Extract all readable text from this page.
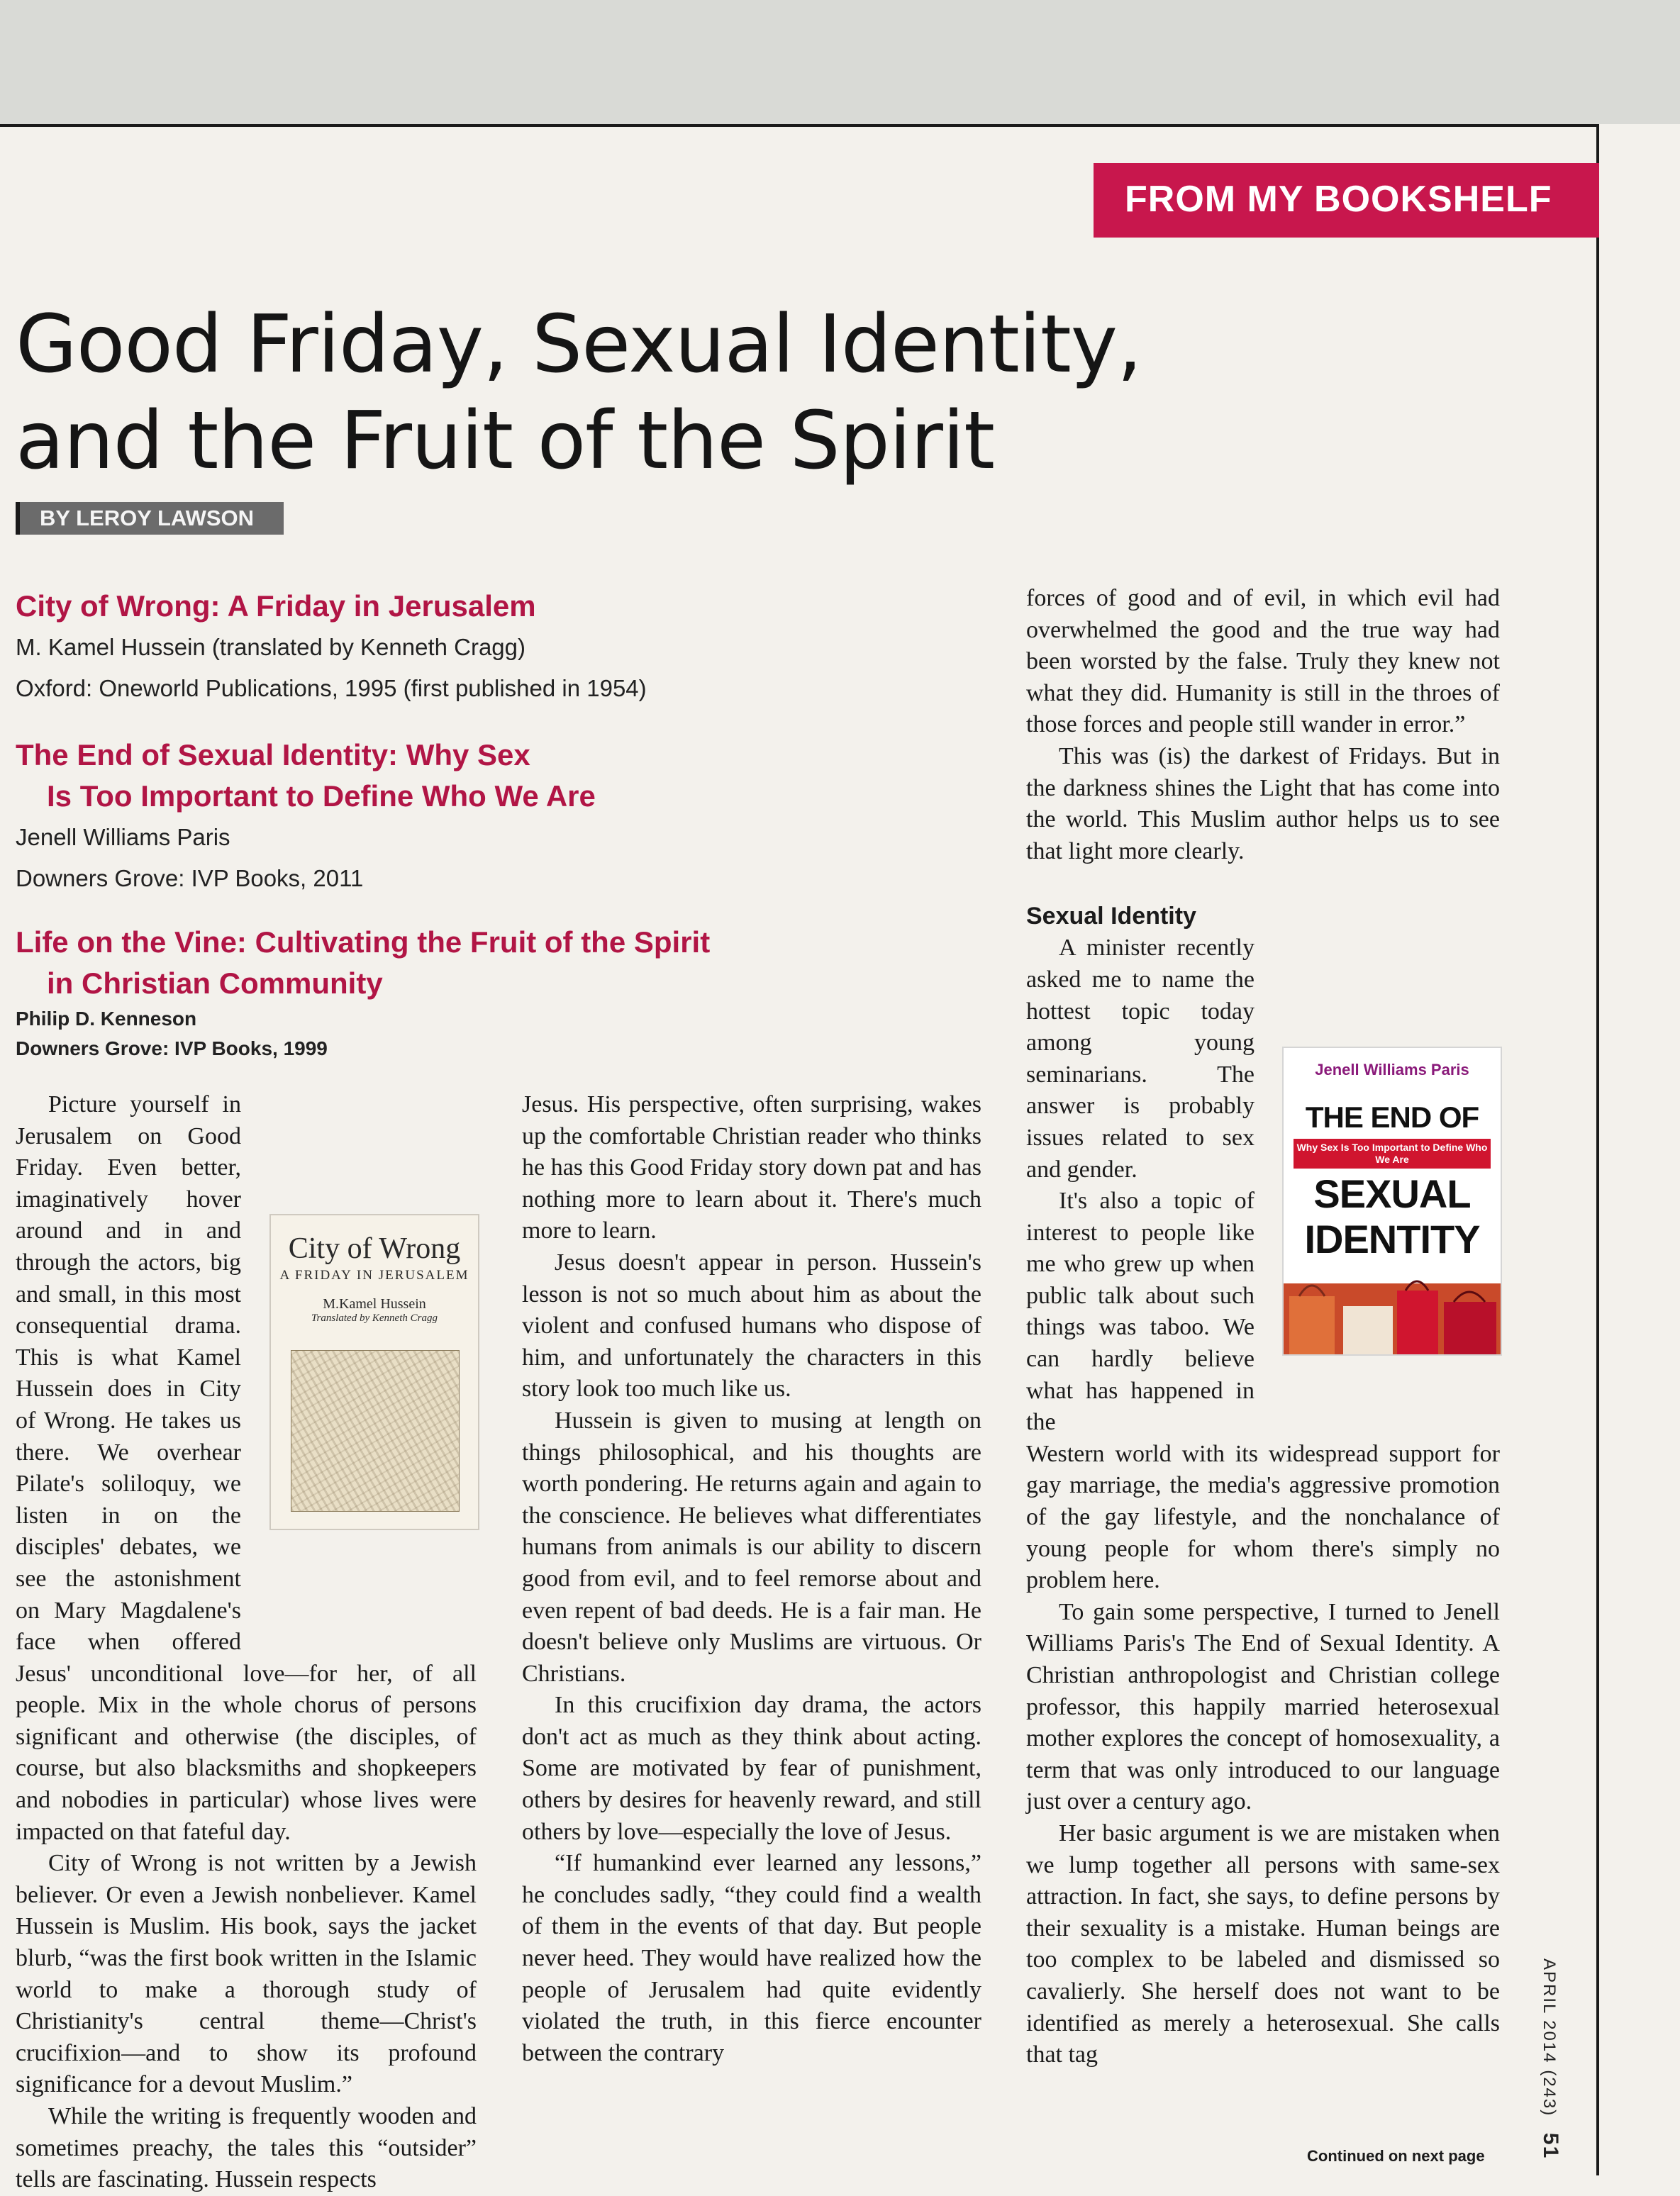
FROM MY BOOKSHELF
Good Friday, Sexual Identity,
and the Fruit of the Spirit
BY LEROY LAWSON
City of Wrong: A Friday in Jerusalem
M. Kamel Hussein (translated by Kenneth Cragg)
Oxford: Oneworld Publications, 1995 (first published in 1954)
The End of Sexual Identity: Why Sex
Is Too Important to Define Who We Are
Jenell Williams Paris
Downers Grove: IVP Books, 2011
Life on the Vine: Cultivating the Fruit of the Spirit
in Christian Community
Philip D. Kenneson
Downers Grove: IVP Books, 1999

Picture yourself in Jerusalem on Good Friday. Even better, imaginatively hover around and in and through the actors, big and small, in this most consequential drama. This is what Kamel Hussein does in City of Wrong. He takes us there. We overhear Pilate's soliloquy, we listen in on the disciples' debates, we see the astonishment on Mary Magdalene's face when offered Jesus' unconditional love—for her, of all people. Mix in the whole chorus of persons significant and otherwise (the disciples, of course, but also blacksmiths and shopkeepers and nobodies in particular) whose lives were impacted on that fateful day.

City of Wrong is not written by a Jewish believer. Or even a Jewish nonbeliever. Kamel Hussein is Muslim. His book, says the jacket blurb, “was the first book written in the Islamic world to make a thorough study of Christianity's central theme—Christ's crucifixion—and to show its profound significance for a devout Muslim.”

While the writing is frequently wooden and sometimes preachy, the tales this “outsider” tells are fascinating. Hussein respects

City of Wrong
A FRIDAY IN JERUSALEM
M.Kamel Hussein
Translated by Kenneth Cragg

Jesus. His perspective, often surprising, wakes up the comfortable Christian reader who thinks he has this Good Friday story down pat and has nothing more to learn about it. There's much more to learn.

Jesus doesn't appear in person. Hussein's lesson is not so much about him as about the violent and confused humans who dispose of him, and unfortunately the characters in this story look too much like us.

Hussein is given to musing at length on things philosophical, and his thoughts are worth pondering. He returns again and again to the conscience. He believes what differentiates humans from animals is our ability to discern good from evil, and to feel remorse about and even repent of bad deeds. He is a fair man. He doesn't believe only Muslims are virtuous. Or Christians.

In this crucifixion day drama, the actors don't act as much as they think about acting. Some are motivated by fear of punishment, others by desires for heavenly reward, and still others by love—especially the love of Jesus.

“If humankind ever learned any lessons,” he concludes sadly, “they could find a wealth of them in the events of that day. But people never heed. They would have realized how the people of Jerusalem had quite evidently violated the truth, in this fierce encounter between the contrary

forces of good and of evil, in which evil had overwhelmed the good and the true way had been worsted by the false. Truly they knew not what they did. Humanity is still in the throes of those forces and people still wander in error.”

This was (is) the darkest of Fridays. But in the darkness shines the Light that has come into the world. This Muslim author helps us to see that light more clearly.

Sexual Identity

A minister recently asked me to name the hottest topic today among young seminarians. The answer is probably issues related to sex and gender.

It's also a topic of interest to people like me who grew up when public talk about such things was taboo. We can hardly believe what has happened in the

Western world with its widespread support for gay marriage, the media's aggressive promotion of the gay lifestyle, and the nonchalance of young people for whom there's simply no problem here.

To gain some perspective, I turned to Jenell Williams Paris's The End of Sexual Identity. A Christian anthropologist and Christian college professor, this happily married heterosexual mother explores the concept of homosexuality, a term that was only introduced to our language just over a century ago.

Her basic argument is we are mistaken when we lump together all persons with same-sex attraction. In fact, she says, to define persons by their sexuality is a mistake. Human beings are too complex to be labeled and dismissed so cavalierly. She herself does not want to be identified as merely a heterosexual. She calls that tag

Jenell Williams Paris
THE END OF
Why Sex Is Too Important to Define Who We Are
SEXUAL
IDENTITY
Continued on next page
APRIL 2014 (243) 51
